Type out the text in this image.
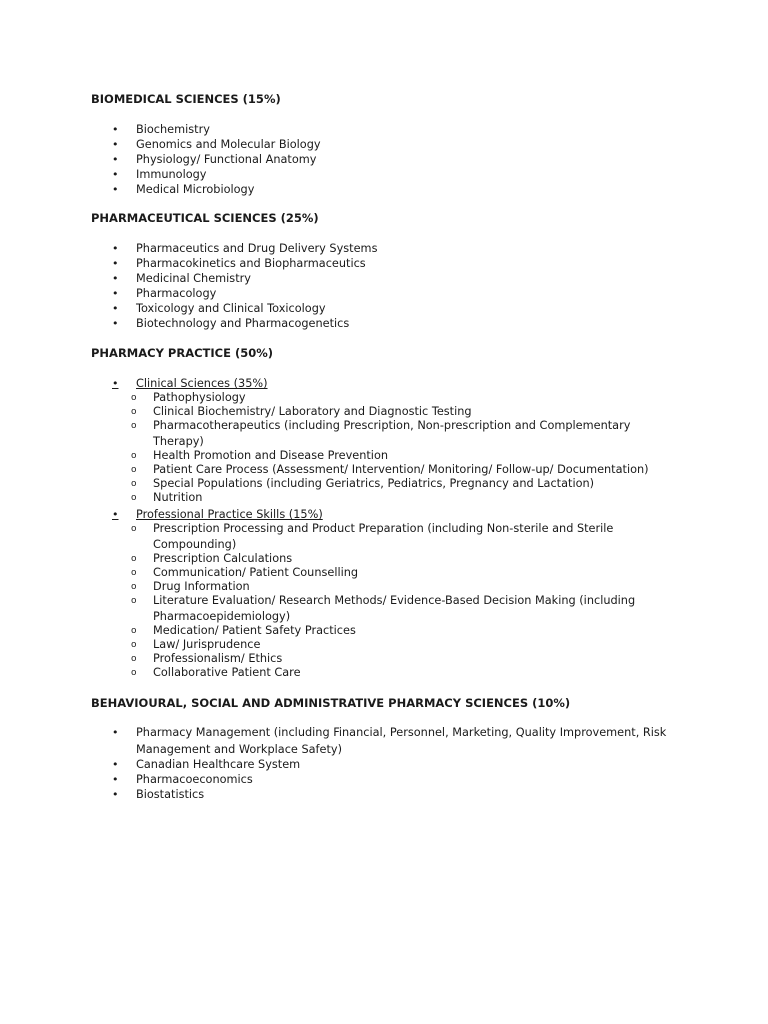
BIOMEDICAL SCIENCES (15%)

•	Biochemistry
•	Genomics and Molecular Biology
•	Physiology/ Functional Anatomy
•	Immunology
•	Medical Microbiology

PHARMACEUTICAL SCIENCES (25%)

•	Pharmaceutics and Drug Delivery Systems
•	Pharmacokinetics and Biopharmaceutics
•	Medicinal Chemistry
•	Pharmacology
•	Toxicology and Clinical Toxicology
•	Biotechnology and Pharmacogenetics

PHARMACY PRACTICE (50%)

•	Clinical Sciences (35%)
o Pathophysiology
o Clinical Biochemistry/ Laboratory and Diagnostic Testing
o Pharmacotherapeutics (including Prescription, Non-prescription and Complementary
Therapy)
o Health Promotion and Disease Prevention
o Patient Care Process (Assessment/ Intervention/ Monitoring/ Follow-up/ Documentation)
o Special Populations (including Geriatrics, Pediatrics, Pregnancy and Lactation)
o Nutrition
•	Professional Practice Skills (15%)
o Prescription Processing and Product Preparation (including Non-sterile and Sterile
Compounding)
o Prescription Calculations
o Communication/ Patient Counselling
o Drug Information
o Literature Evaluation/ Research Methods/ Evidence-Based Decision Making (including
Pharmacoepidemiology)
o Medication/ Patient Safety Practices
o Law/ Jurisprudence
o Professionalism/ Ethics
o Collaborative Patient Care

BEHAVIOURAL, SOCIAL AND ADMINISTRATIVE PHARMACY SCIENCES (10%)

•	Pharmacy Management (including Financial, Personnel, Marketing, Quality Improvement, Risk
Management and Workplace Safety)
•	Canadian Healthcare System
•	Pharmacoeconomics
•	Biostatistics
